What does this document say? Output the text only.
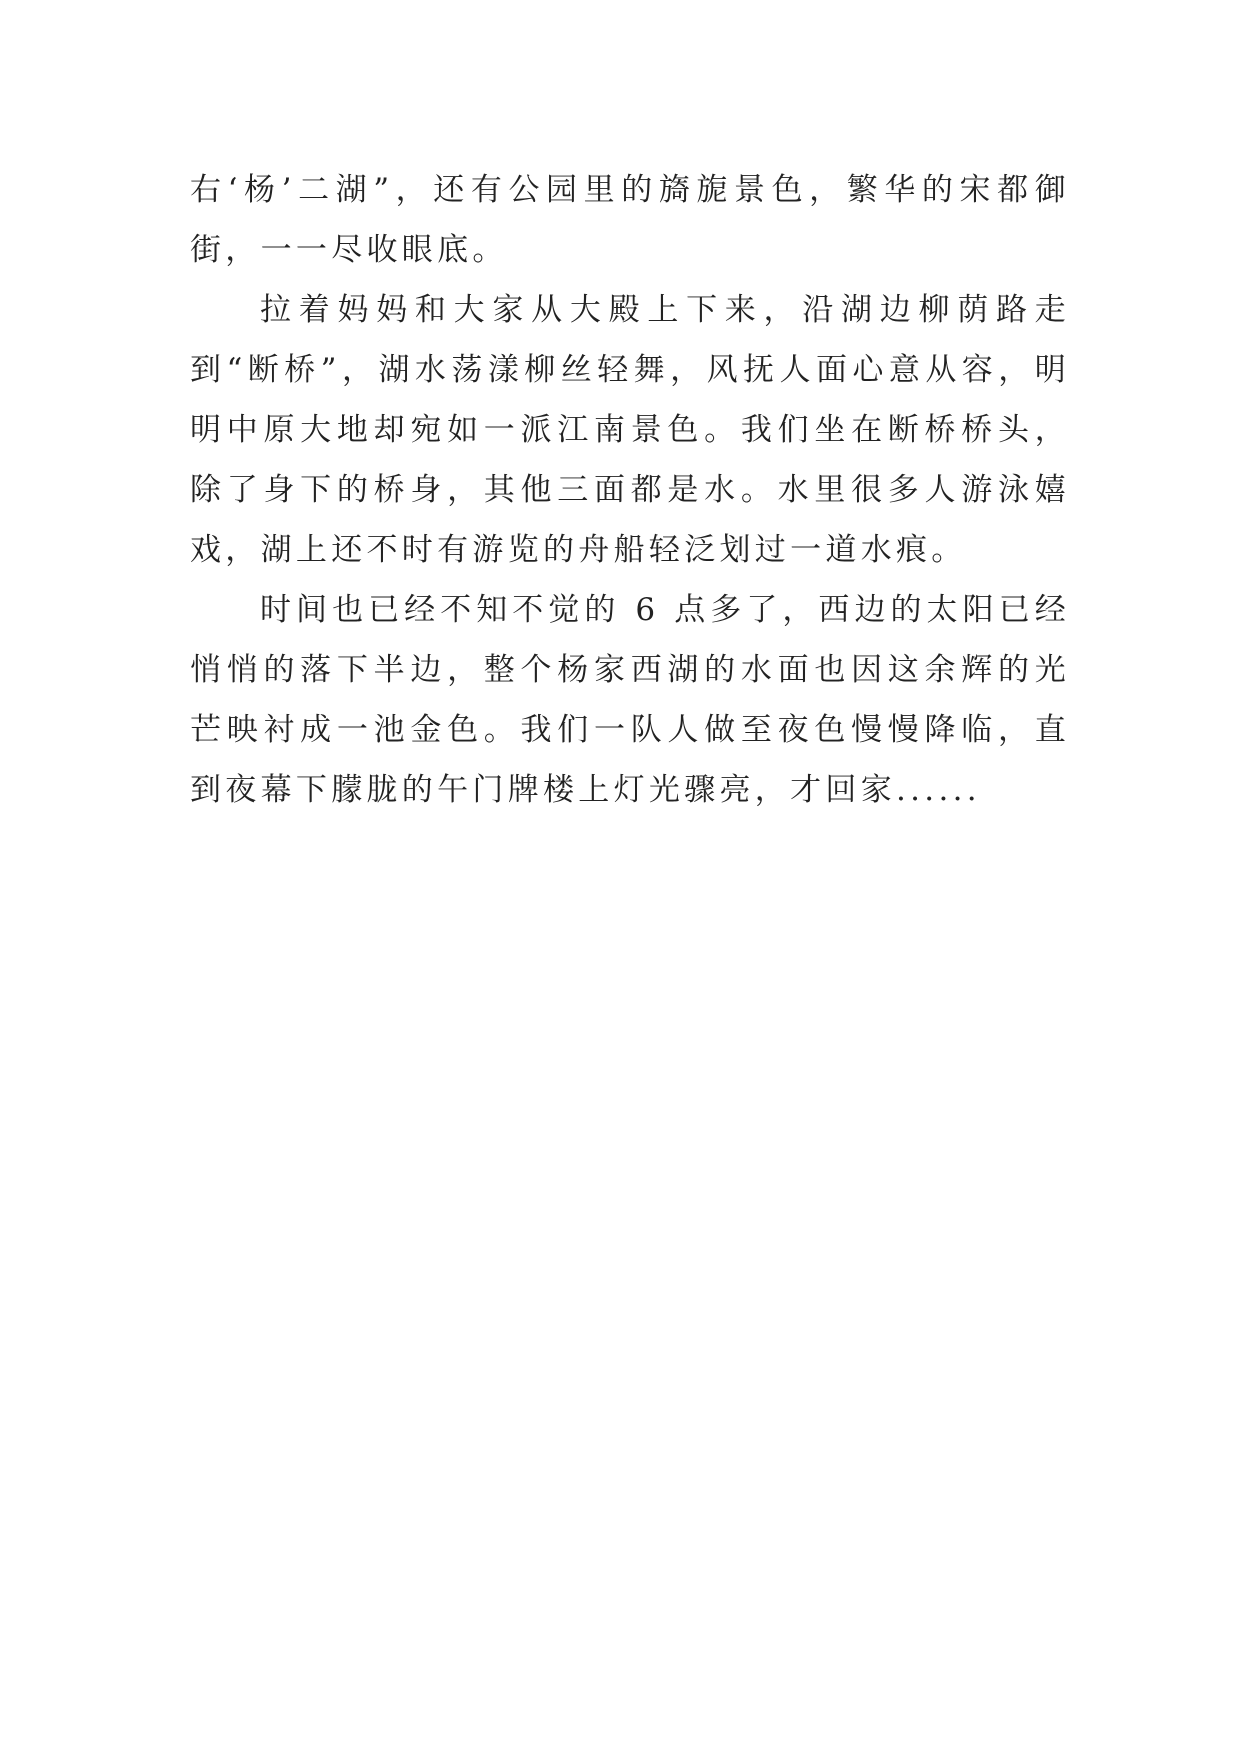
右‘杨’二湖”，还有公园里的旖旎景色，繁华的宋都御街，一一尽收眼底。

拉着妈妈和大家从大殿上下来，沿湖边柳荫路走到“断桥”，湖水荡漾柳丝轻舞，风抚人面心意从容，明明中原大地却宛如一派江南景色。我们坐在断桥桥头，除了身下的桥身，其他三面都是水。水里很多人游泳嬉戏，湖上还不时有游览的舟船轻泛划过一道水痕。

时间也已经不知不觉的 6 点多了，西边的太阳已经悄悄的落下半边，整个杨家西湖的水面也因这余辉的光芒映衬成一池金色。我们一队人做至夜色慢慢降临，直到夜幕下朦胧的午门牌楼上灯光骤亮，才回家......
